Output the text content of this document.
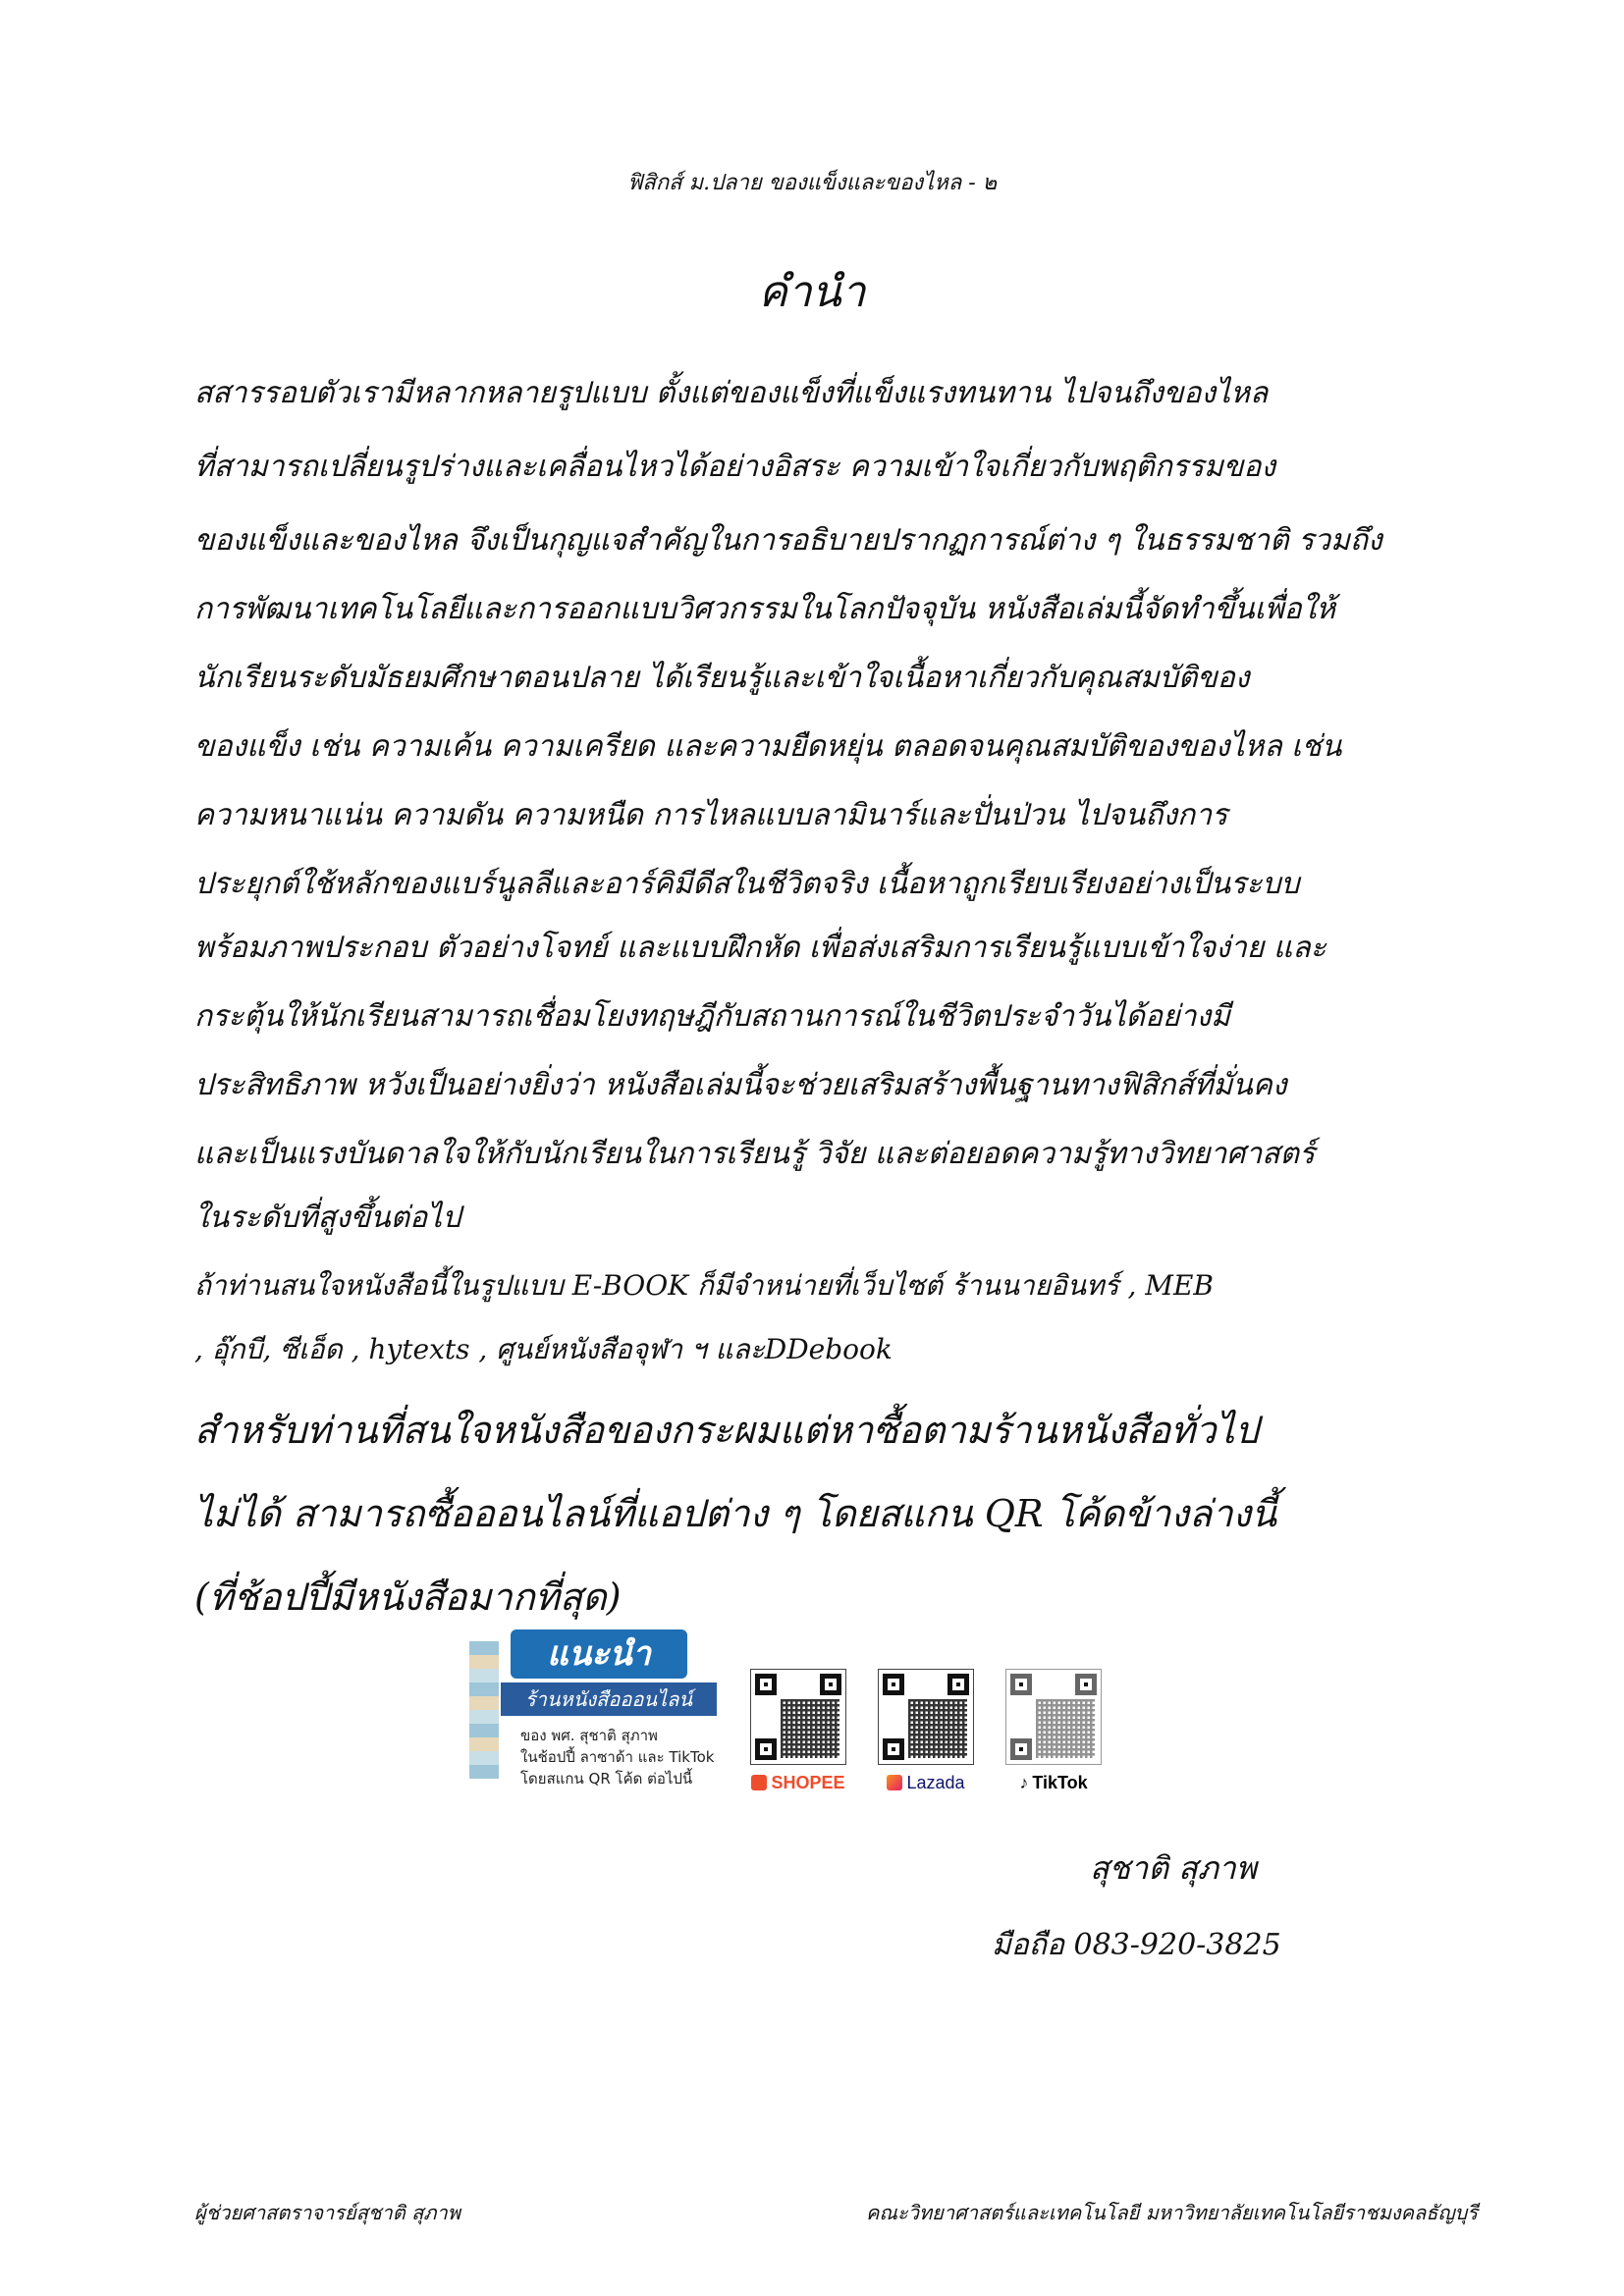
ฟิสิกส์ ม.ปลาย ของแข็งและของไหล - ๒
คำนำ
สสารรอบตัวเรามีหลากหลายรูปแบบ ตั้งแต่ของแข็งที่แข็งแรงทนทาน ไปจนถึงของไหล
ที่สามารถเปลี่ยนรูปร่างและเคลื่อนไหวได้อย่างอิสระ ความเข้าใจเกี่ยวกับพฤติกรรมของ
ของแข็งและของไหล จึงเป็นกุญแจสำคัญในการอธิบายปรากฏการณ์ต่าง ๆ ในธรรมชาติ รวมถึง
การพัฒนาเทคโนโลยีและการออกแบบวิศวกรรมในโลกปัจจุบัน หนังสือเล่มนี้จัดทำขึ้นเพื่อให้
นักเรียนระดับมัธยมศึกษาตอนปลาย ได้เรียนรู้และเข้าใจเนื้อหาเกี่ยวกับคุณสมบัติของ
ของแข็ง เช่น ความเค้น ความเครียด และความยืดหยุ่น ตลอดจนคุณสมบัติของของไหล เช่น
ความหนาแน่น ความดัน ความหนืด การไหลแบบลามินาร์และปั่นป่วน ไปจนถึงการ
ประยุกต์ใช้หลักของแบร์นูลลีและอาร์คิมีดีสในชีวิตจริง เนื้อหาถูกเรียบเรียงอย่างเป็นระบบ
พร้อมภาพประกอบ ตัวอย่างโจทย์ และแบบฝึกหัด เพื่อส่งเสริมการเรียนรู้แบบเข้าใจง่าย และ
กระตุ้นให้นักเรียนสามารถเชื่อมโยงทฤษฎีกับสถานการณ์ในชีวิตประจำวันได้อย่างมี
ประสิทธิภาพ หวังเป็นอย่างยิ่งว่า หนังสือเล่มนี้จะช่วยเสริมสร้างพื้นฐานทางฟิสิกส์ที่มั่นคง
และเป็นแรงบันดาลใจให้กับนักเรียนในการเรียนรู้ วิจัย และต่อยอดความรู้ทางวิทยาศาสตร์
ในระดับที่สูงขึ้นต่อไป
ถ้าท่านสนใจหนังสือนี้ในรูปแบบ E-BOOK ก็มีจำหน่ายที่เว็บไซต์ ร้านนายอินทร์ , MEB
, อุ๊กบี, ซีเอ็ด , hytexts , ศูนย์หนังสือจุฬา ฯ และDDebook
สำหรับท่านที่สนใจหนังสือของกระผมแต่หาซื้อตามร้านหนังสือทั่วไป
ไม่ได้ สามารถซื้อออนไลน์ที่แอปต่าง ๆ โดยสแกน QR โค้ดข้างล่างนี้
(ที่ช้อปปี้มีหนังสือมากที่สุด)
แนะนำ
ร้านหนังสือออนไลน์
ของ พศ. สุชาติ สุภาพ
ในช้อปปี้ ลาซาด้า และ TikTok
โดยสแกน QR โค้ด ต่อไปนี้	SHOPEE	Lazada	♪ TikTok
สุชาติ สุภาพ
มือถือ 083-920-3825
ผู้ช่วยศาสตราจารย์สุชาติ สุภาพ	คณะวิทยาศาสตร์และเทคโนโลยี มหาวิทยาลัยเทคโนโลยีราชมงคลธัญบุรี
